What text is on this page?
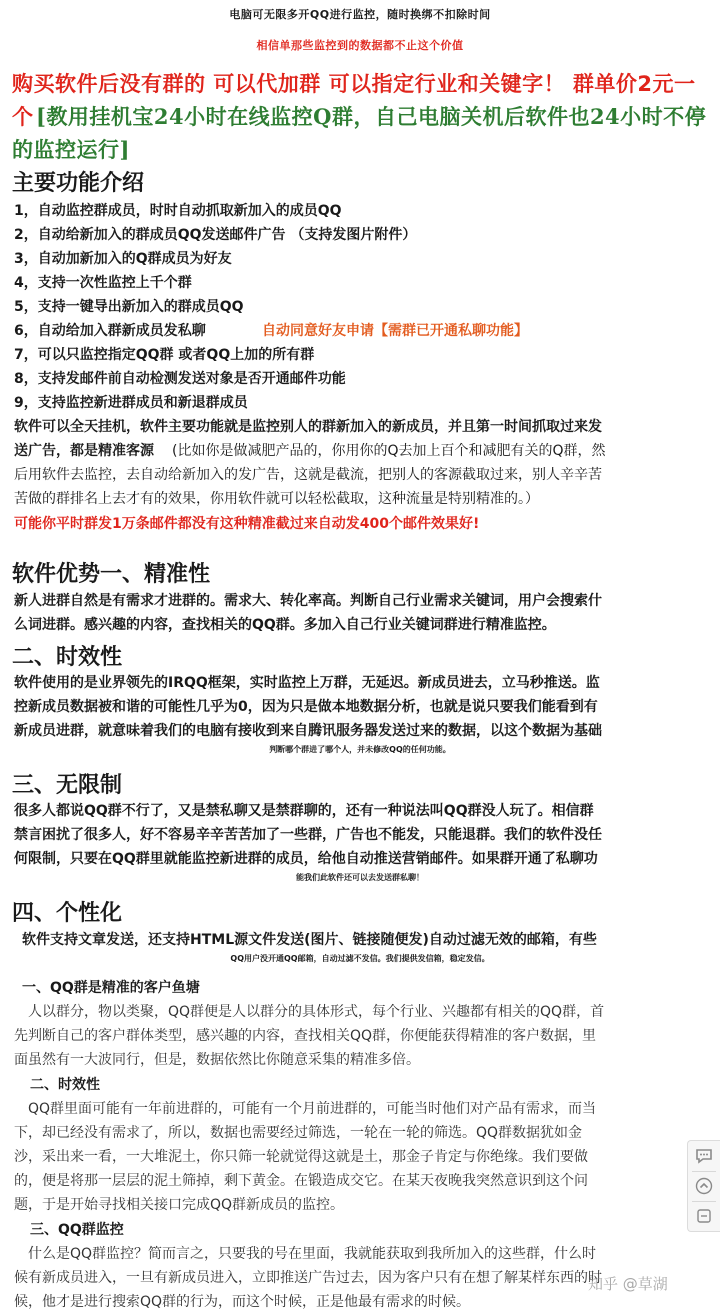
电脑可无限多开QQ进行监控，随时换绑不扣除时间
相信单那些监控到的数据都不止这个价值
购买软件后没有群的 可以代加群 可以指定行业和关键字！ 群单价2元一
个 [教用挂机宝24小时在线监控Q群，自己电脑关机后软件也24小时不停
的监控运行]
主要功能介绍
1，自动监控群成员，时时自动抓取新加入的成员QQ
2，自动给新加入的群成员QQ发送邮件广告 （支持发图片附件）
3，自动加新加入的Q群成员为好友
4，支持一次性监控上千个群
5，支持一键导出新加入的群成员QQ
6，自动给加入群新成员发私聊	自动同意好友申请【需群已开通私聊功能】
7，可以只监控指定QQ群 或者QQ上加的所有群
8，支持发邮件前自动检测发送对象是否开通邮件功能
9，支持监控新进群成员和新退群成员
软件可以全天挂机，软件主要功能就是监控别人的群新加入的新成员，并且第一时间抓取过来发
送广告，都是精准客源 (比如你是做减肥产品的，你用你的Q去加上百个和减肥有关的Q群，然
后用软件去监控，去自动给新加入的发广告，这就是截流，把别人的客源截取过来，别人辛辛苦
苦做的群排名上去才有的效果，你用软件就可以轻松截取，这种流量是特别精准的。）
可能你平时群发1万条邮件都没有这种精准截过来自动发400个邮件效果好!
软件优势一、精准性
新人进群自然是有需求才进群的。需求大、转化率高。判断自己行业需求关键词，用户会搜索什
么词进群。感兴趣的内容，查找相关的QQ群。多加入自己行业关键词群进行精准监控。
二、时效性
软件使用的是业界领先的IRQQ框架，实时监控上万群，无延迟。新成员进去，立马秒推送。监
控新成员数据被和谐的可能性几乎为0，因为只是做本地数据分析，也就是说只要我们能看到有
新成员进群，就意味着我们的电脑有接收到来自腾讯服务器发送过来的数据，以这个数据为基础
判断哪个群进了哪个人，并未修改QQ的任何功能。
三、无限制
很多人都说QQ群不行了，又是禁私聊又是禁群聊的，还有一种说法叫QQ群没人玩了。相信群
禁言困扰了很多人，好不容易辛辛苦苦加了一些群，广告也不能发，只能退群。我们的软件没任
何限制，只要在QQ群里就能监控新进群的成员，给他自动推送营销邮件。如果群开通了私聊功
能我们此软件还可以去发送群私聊！
四、个性化
软件支持文章发送，还支持HTML源文件发送(图片、链接随便发)自动过滤无效的邮箱，有些
QQ用户没开通QQ邮箱，自动过滤不发信。我们提供发信箱，稳定发信。
一、QQ群是精准的客户鱼塘
人以群分，物以类聚，QQ群便是人以群分的具体形式，每个行业、兴趣都有相关的QQ群，首
先判断自己的客户群体类型，感兴趣的内容，查找相关QQ群，你便能获得精准的客户数据，里
面虽然有一大波同行，但是，数据依然比你随意采集的精准多倍。
二、时效性
QQ群里面可能有一年前进群的，可能有一个月前进群的，可能当时他们对产品有需求，而当
下，却已经没有需求了，所以，数据也需要经过筛选，一轮在一轮的筛选。QQ群数据犹如金
沙，采出来一看，一大堆泥土，你只筛一轮就觉得这就是土，那金子肯定与你绝缘。我们要做
的，便是将那一层层的泥土筛掉，剩下黄金。在锻造成交它。在某天夜晚我突然意识到这个问
题，于是开始寻找相关接口完成QQ群新成员的监控。
三、QQ群监控
什么是QQ群监控？简而言之，只要我的号在里面，我就能获取到我所加入的这些群，什么时
候有新成员进入，一旦有新成员进入，立即推送广告过去，因为客户只有在想了解某样东西的时
候，他才是进行搜索QQ群的行为，而这个时候，正是他最有需求的时候。
知乎 @草湖
